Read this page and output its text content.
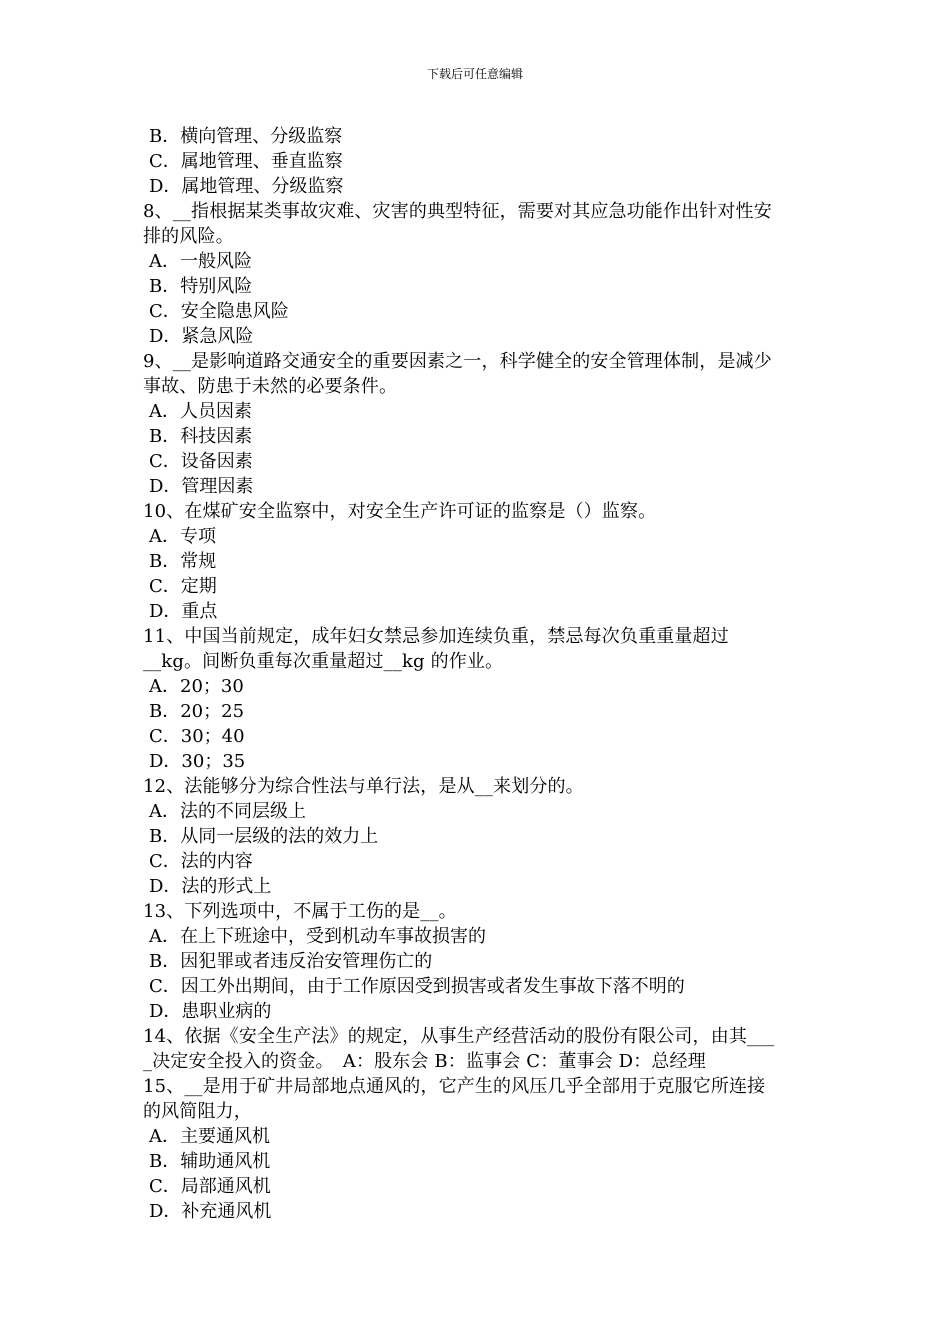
下载后可任意编辑
B．横向管理、分级监察
C．属地管理、垂直监察
D．属地管理、分级监察
8、__指根据某类事故灾难、灾害的典型特征，需要对其应急功能作出针对性安
排的风险。
A．一般风险
B．特别风险
C．安全隐患风险
D．紧急风险
9、__是影响道路交通安全的重要因素之一，科学健全的安全管理体制，是减少
事故、防患于未然的必要条件。
A．人员因素
B．科技因素
C．设备因素
D．管理因素
10、在煤矿安全监察中，对安全生产许可证的监察是（）监察。
A．专项
B．常规
C．定期
D．重点
11、中国当前规定，成年妇女禁忌参加连续负重，禁忌每次负重重量超过
__kg。间断负重每次重量超过__kg 的作业。
A．20；30
B．20；25
C．30；40
D．30；35
12、法能够分为综合性法与单行法，是从__来划分的。
A．法的不同层级上
B．从同一层级的法的效力上
C．法的内容
D．法的形式上
13、下列选项中，不属于工伤的是__。
A．在上下班途中，受到机动车事故损害的
B．因犯罪或者违反治安管理伤亡的
C．因工外出期间，由于工作原因受到损害或者发生事故下落不明的
D．患职业病的
14、依据《安全生产法》的规定，从事生产经营活动的股份有限公司，由其___
_决定安全投入的资金。　A：股东会 B：监事会 C：董事会 D：总经理
15、__是用于矿井局部地点通风的，它产生的风压几乎全部用于克服它所连接
的风简阻力，
A．主要通风机
B．辅助通风机
C．局部通风机
D．补充通风机
